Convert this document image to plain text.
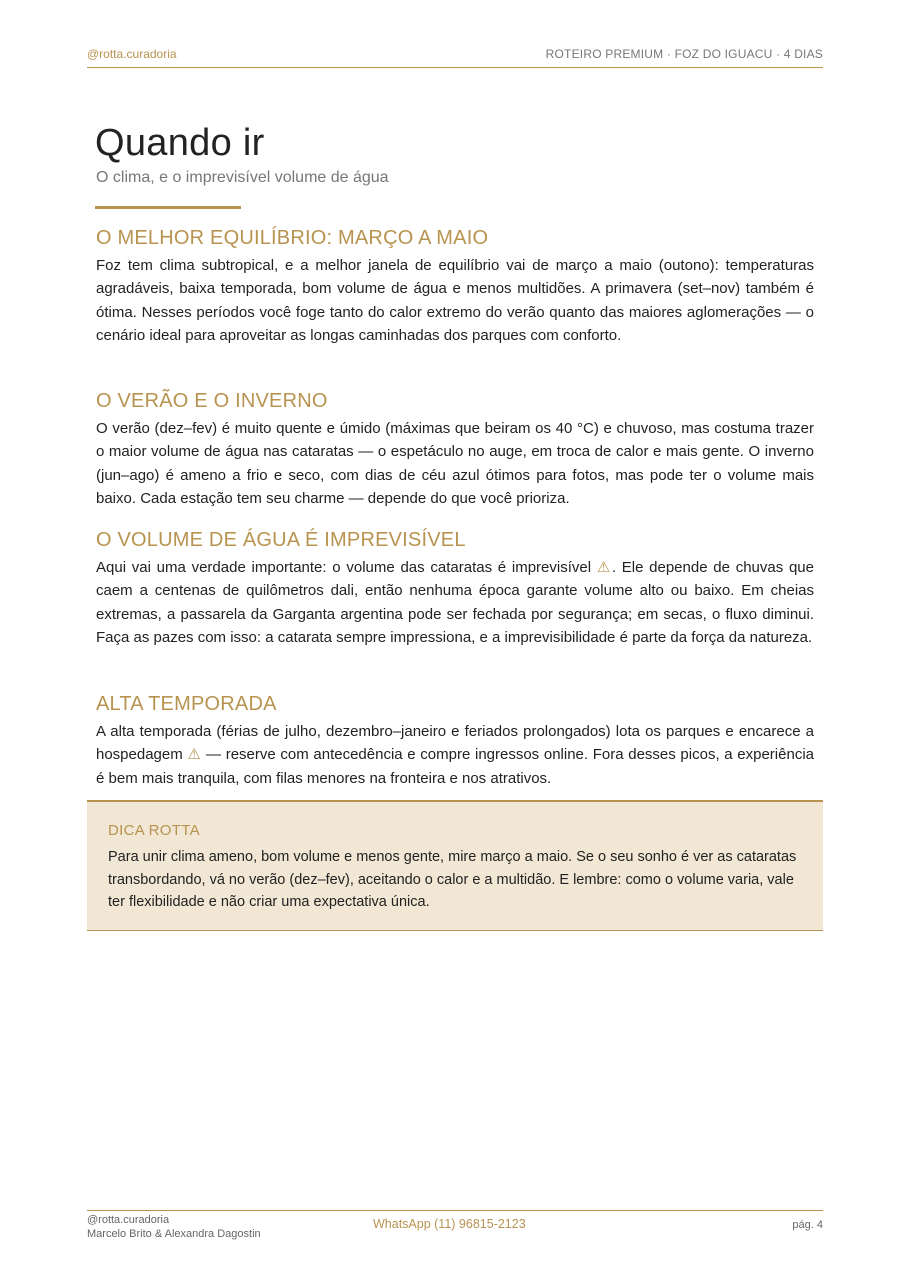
@rotta.curadoria	ROTEIRO PREMIUM · FOZ DO IGUACU · 4 DIAS
Quando ir
O clima, e o imprevisível volume de água
O MELHOR EQUILÍBRIO: MARÇO A MAIO

Foz tem clima subtropical, e a melhor janela de equilíbrio vai de março a maio (outono): temperaturas agradáveis, baixa temporada, bom volume de água e menos multidões. A primavera (set–nov) também é ótima. Nesses períodos você foge tanto do calor extremo do verão quanto das maiores aglomerações — o cenário ideal para aproveitar as longas caminhadas dos parques com conforto.

O VERÃO E O INVERNO

O verão (dez–fev) é muito quente e úmido (máximas que beiram os 40 °C) e chuvoso, mas costuma trazer o maior volume de água nas cataratas — o espetáculo no auge, em troca de calor e mais gente. O inverno (jun–ago) é ameno a frio e seco, com dias de céu azul ótimos para fotos, mas pode ter o volume mais baixo. Cada estação tem seu charme — depende do que você prioriza.

O VOLUME DE ÁGUA É IMPREVISÍVEL

Aqui vai uma verdade importante: o volume das cataratas é imprevisível ⚠. Ele depende de chuvas que caem a centenas de quilômetros dali, então nenhuma época garante volume alto ou baixo. Em cheias extremas, a passarela da Garganta argentina pode ser fechada por segurança; em secas, o fluxo diminui. Faça as pazes com isso: a catarata sempre impressiona, e a imprevisibilidade é parte da força da natureza.

ALTA TEMPORADA

A alta temporada (férias de julho, dezembro–janeiro e feriados prolongados) lota os parques e encarece a hospedagem ⚠ — reserve com antecedência e compre ingressos online. Fora desses picos, a experiência é bem mais tranquila, com filas menores na fronteira e nos atrativos.

DICA ROTTA

Para unir clima ameno, bom volume e menos gente, mire março a maio. Se o seu sonho é ver as cataratas transbordando, vá no verão (dez–fev), aceitando o calor e a multidão. E lembre: como o volume varia, vale ter flexibilidade e não criar uma expectativa única.

@rotta.curadoria
Marcelo Brito & Alexandra Dagostin
WhatsApp (11) 96815-2123	pág. 4
